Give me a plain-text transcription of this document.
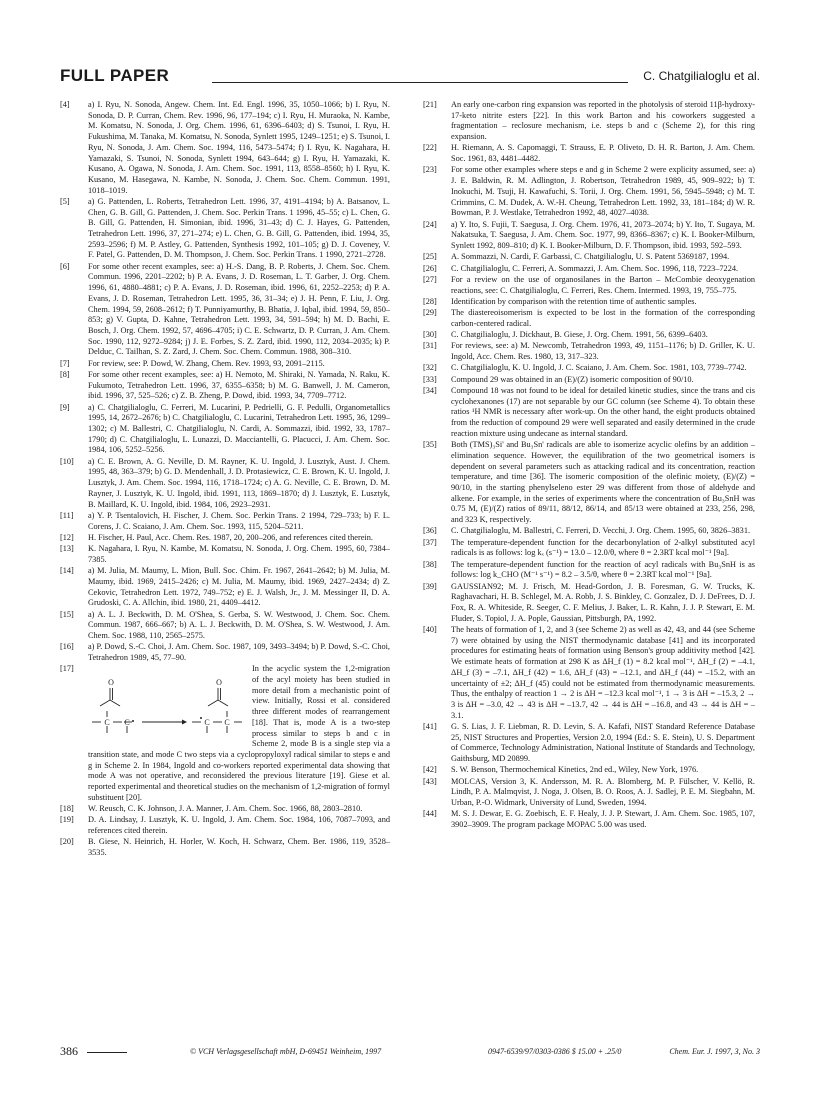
FULL PAPER	C. Chatgilialoglu et al.
[4]	a) I. Ryu, N. Sonoda, Angew. Chem. Int. Ed. Engl. 1996, 35, 1050–1066; b) I. Ryu, N. Sonoda, D. P. Curran, Chem. Rev. 1996, 96, 177–194; c) I. Ryu, H. Muraoka, N. Kambe, M. Komatsu, N. Sonoda, J. Org. Chem. 1996, 61, 6396–6403; d) S. Tsunoi, I. Ryu, H. Fukushima, M. Tanaka, M. Komatsu, N. Sonoda, Synlett 1995, 1249–1251; e) S. Tsunoi, I. Ryu, N. Sonoda, J. Am. Chem. Soc. 1994, 116, 5473–5474; f) I. Ryu, K. Nagahara, H. Yamazaki, S. Tsunoi, N. Sonoda, Synlett 1994, 643–644; g) I. Ryu, H. Yamazaki, K. Kusano, A. Ogawa, N. Sonoda, J. Am. Chem. Soc. 1991, 113, 8558–8560; h) I. Ryu, K. Kusano, M. Hasegawa, N. Kambe, N. Sonoda, J. Chem. Soc. Chem. Commun. 1991, 1018–1019.
[5]	a) G. Pattenden, L. Roberts, Tetrahedron Lett. 1996, 37, 4191–4194; b) A. Batsanov, L. Chen, G. B. Gill, G. Pattenden, J. Chem. Soc. Perkin Trans. 1 1996, 45–55; c) L. Chen, G. B. Gill, G. Pattenden, H. Simonian, ibid. 1996, 31–43; d) C. J. Hayes, G. Pattenden, Tetrahedron Lett. 1996, 37, 271–274; e) L. Chen, G. B. Gill, G. Pattenden, ibid. 1994, 35, 2593–2596; f) M. P. Astley, G. Pattenden, Synthesis 1992, 101–105; g) D. J. Coveney, V. F. Patel, G. Pattenden, D. M. Thompson, J. Chem. Soc. Perkin Trans. 1 1990, 2721–2728.
[6]	For some other recent examples, see: a) H.-S. Dang, B. P. Roberts, J. Chem. Soc. Chem. Commun. 1996, 2201–2202; b) P. A. Evans, J. D. Roseman, L. T. Garber, J. Org. Chem. 1996, 61, 4880–4881; c) P. A. Evans, J. D. Roseman, ibid. 1996, 61, 2252–2253; d) P. A. Evans, J. D. Roseman, Tetrahedron Lett. 1995, 36, 31–34; e) J. H. Penn, F. Liu, J. Org. Chem. 1994, 59, 2608–2612; f) T. Punniyamurthy, B. Bhatia, J. Iqbal, ibid. 1994, 59, 850–853; g) V. Gupta, D. Kahne, Tetrahedron Lett. 1993, 34, 591–594; h) M. D. Bachi, E. Bosch, J. Org. Chem. 1992, 57, 4696–4705; i) C. E. Schwartz, D. P. Curran, J. Am. Chem. Soc. 1990, 112, 9272–9284; j) J. E. Forbes, S. Z. Zard, ibid. 1990, 112, 2034–2035; k) P. Delduc, C. Tailhan, S. Z. Zard, J. Chem. Soc. Chem. Commun. 1988, 308–310.
[7]	For review, see: P. Dowd, W. Zhang, Chem. Rev. 1993, 93, 2091–2115.
[8]	For some other recent examples, see: a) H. Nemoto, M. Shiraki, N. Yamada, N. Raku, K. Fukumoto, Tetrahedron Lett. 1996, 37, 6355–6358; b) M. G. Banwell, J. M. Cameron, ibid. 1996, 37, 525–526; c) Z. B. Zheng, P. Dowd, ibid. 1993, 34, 7709–7712.
[9]	a) C. Chatgilialoglu, C. Ferreri, M. Lucarini, P. Pedrielli, G. F. Pedulli, Organometallics 1995, 14, 2672–2676; b) C. Chatgilialoglu, C. Lucarini, Tetrahedron Lett. 1995, 36, 1299–1302; c) M. Ballestri, C. Chatgilialoglu, N. Cardi, A. Sommazzi, ibid. 1992, 33, 1787–1790; d) C. Chatgilialoglu, L. Lunazzi, D. Macciantelli, G. Placucci, J. Am. Chem. Soc. 1984, 106, 5252–5256.
[10]	a) C. E. Brown, A. G. Neville, D. M. Rayner, K. U. Ingold, J. Lusztyk, Aust. J. Chem. 1995, 48, 363–379; b) G. D. Mendenhall, J. D. Protasiewicz, C. E. Brown, K. U. Ingold, J. Lusztyk, J. Am. Chem. Soc. 1994, 116, 1718–1724; c) A. G. Neville, C. E. Brown, D. M. Rayner, J. Lusztyk, K. U. Ingold, ibid. 1991, 113, 1869–1870; d) J. Lusztyk, E. Lusztyk, B. Maillard, K. U. Ingold, ibid. 1984, 106, 2923–2931.
[11]	a) Y. P. Tsentalovich, H. Fischer, J. Chem. Soc. Perkin Trans. 2 1994, 729–733; b) F. L. Corens, J. C. Scaiano, J. Am. Chem. Soc. 1993, 115, 5204–5211.
[12]	H. Fischer, H. Paul, Acc. Chem. Res. 1987, 20, 200–206, and references cited therein.
[13]	K. Nagahara, I. Ryu, N. Kambe, M. Komatsu, N. Sonoda, J. Org. Chem. 1995, 60, 7384–7385.
[14]	a) M. Julia, M. Maumy, L. Mion, Bull. Soc. Chim. Fr. 1967, 2641–2642; b) M. Julia, M. Maumy, ibid. 1969, 2415–2426; c) M. Julia, M. Maumy, ibid. 1969, 2427–2434; d) Z. Cekovic, Tetrahedron Lett. 1972, 749–752; e) E. J. Walsh, Jr., J. M. Messinger II, D. A. Grudoski, C. A. Allchin, ibid. 1980, 21, 4409–4412.
[15]	a) A. L. J. Beckwith, D. M. O'Shea, S. Gerba, S. W. Westwood, J. Chem. Soc. Chem. Commun. 1987, 666–667; b) A. L. J. Beckwith, D. M. O'Shea, S. W. Westwood, J. Am. Chem. Soc. 1988, 110, 2565–2575.
[16]	a) P. Dowd, S.-C. Choi, J. Am. Chem. Soc. 1987, 109, 3493–3494; b) P. Dowd, S.-C. Choi, Tetrahedron 1989, 45, 77–90.
[17]
O
C C
O
C C
In the acyclic system the 1,2-migration of the acyl moiety has been studied in more detail from a mechanistic point of view. Initially, Rossi et al. considered three different modes of rearrangement [18]. That is, mode A is a two-step process similar to steps b and c in Scheme 2, mode B is a single step via a transition state, and mode C two steps via a cyclopropyloxyl radical similar to steps e and g in Scheme 2. In 1984, Ingold and co-workers reported experimental data showing that mode A was not operative, and reconsidered the previous literature [19]. Giese et al. reported experimental and theoretical studies on the mechanism of 1,2-migration of formyl substituent [20].
[18]	W. Reusch, C. K. Johnson, J. A. Manner, J. Am. Chem. Soc. 1966, 88, 2803–2810.
[19]	D. A. Lindsay, J. Lusztyk, K. U. Ingold, J. Am. Chem. Soc. 1984, 106, 7087–7093, and references cited therein.
[20]	B. Giese, N. Heinrich, H. Horler, W. Koch, H. Schwarz, Chem. Ber. 1986, 119, 3528–3535.
[21]	An early one-carbon ring expansion was reported in the photolysis of steroid 11β-hydroxy-17-keto nitrite esters [22]. In this work Barton and his coworkers suggested a fragmentation – reclosure mechanism, i.e. steps b and c (Scheme 2), for this ring expansion.
[22]	H. Riemann, A. S. Capomaggi, T. Strauss, E. P. Oliveto, D. H. R. Barton, J. Am. Chem. Soc. 1961, 83, 4481–4482.
[23]	For some other examples where steps e and g in Scheme 2 were explicity assumed, see: a) J. E. Baldwin, R. M. Adlington, J. Robertson, Tetrahedron 1989, 45, 909–922; b) T. Inokuchi, M. Tsuji, H. Kawafuchi, S. Torii, J. Org. Chem. 1991, 56, 5945–5948; c) M. T. Crimmins, C. M. Dudek, A. W.-H. Cheung, Tetrahedron Lett. 1992, 33, 181–184; d) W. R. Bowman, P. J. Westlake, Tetrahedron 1992, 48, 4027–4038.
[24]	a) Y. Ito, S. Fujii, T. Saegusa, J. Org. Chem. 1976, 41, 2073–2074; b) Y. Ito, T. Sugaya, M. Nakatsuka, T. Saegusa, J. Am. Chem. Soc. 1977, 99, 8366–8367; c) K. I. Booker-Milburn, Synlett 1992, 809–810; d) K. I. Booker-Milburn, D. F. Thompson, ibid. 1993, 592–593.
[25]	A. Sommazzi, N. Cardi, F. Garbassi, C. Chatgilialoglu, U. S. Patent 5369187, 1994.
[26]	C. Chatgilialoglu, C. Ferreri, A. Sommazzi, J. Am. Chem. Soc. 1996, 118, 7223–7224.
[27]	For a review on the use of organosilanes in the Barton – McCombie deoxygenation reactions, see: C. Chatgilialoglu, C. Ferreri, Res. Chem. Intermed. 1993, 19, 755–775.
[28]	Identification by comparison with the retention time of authentic samples.
[29]	The diastereoisomerism is expected to be lost in the formation of the corresponding carbon-centered radical.
[30]	C. Chatgilialoglu, J. Dickhaut, B. Giese, J. Org. Chem. 1991, 56, 6399–6403.
[31]	For reviews, see: a) M. Newcomb, Tetrahedron 1993, 49, 1151–1176; b) D. Griller, K. U. Ingold, Acc. Chem. Res. 1980, 13, 317–323.
[32]	C. Chatgilialoglu, K. U. Ingold, J. C. Scaiano, J. Am. Chem. Soc. 1981, 103, 7739–7742.
[33]	Compound 29 was obtained in an (E)/(Z) isomeric composition of 90/10.
[34]	Compound 18 was not found to be ideal for detailed kinetic studies, since the trans and cis cyclohexanones (17) are not separable by our GC column (see Scheme 4). To obtain these ratios ¹H NMR is necessary after work-up. On the other hand, the eight products obtained from the reduction of compound 29 were well separated and easily determined in the crude reaction mixture using undecane as internal standard.
[35]	Both (TMS)₃Si' and Bu₃Sn' radicals are able to isomerize acyclic olefins by an addition – elimination sequence. However, the equilibration of the two geometrical isomers is dependent on several parameters such as attacking radical and its concentration, reaction temperature, and time [36]. The isomeric composition of the olefinic moiety, (E)/(Z) = 90/10, in the starting phenylseleno ester 29 was different from those of aldehyde and alkene. For example, in the series of experiments where the concentration of Bu₃SnH was 0.75 M, (E)/(Z) ratios of 89/11, 88/12, 86/14, and 85/13 were obtained at 233, 256, 298, and 323 K, respectively.
[36]	C. Chatgilialoglu, M. Ballestri, C. Ferreri, D. Vecchi, J. Org. Chem. 1995, 60, 3826–3831.
[37]	The temperature-dependent function for the decarbonylation of 2-alkyl substituted acyl radicals is as follows: log kₓ (s⁻¹) = 13.0 – 12.0/θ, where θ = 2.3RT kcal mol⁻¹ [9a].
[38]	The temperature-dependent function for the reaction of acyl radicals with Bu₃SnH is as follows: log k_CHO (M⁻¹ s⁻¹) = 8.2 – 3.5/θ, where θ = 2.3RT kcal mol⁻¹ [9a].
[39]	GAUSSIAN92; M. J. Frisch, M. Head-Gordon, J. B. Foresman, G. W. Trucks, K. Raghavachari, H. B. Schlegel, M. A. Robb, J. S. Binkley, C. Gonzalez, D. J. DeFrees, D. J. Fox, R. A. Whiteside, R. Seeger, C. F. Melius, J. Baker, L. R. Kahn, J. J. P. Stewart, E. M. Fluder, S. Topiol, J. A. Pople, Gaussian, Pittsburgh, PA, 1992.
[40]	The heats of formation of 1, 2, and 3 (see Scheme 2) as well as 42, 43, and 44 (see Scheme 7) were obtained by using the NIST thermodynamic database [41] and its incorporated procedures for estimating heats of formation using Benson's group additivity method [42]. We estimate heats of formation at 298 K as ΔH_f (1) = 8.2 kcal mol⁻¹, ΔH_f (2) = –4.1, ΔH_f (3) = –7.1, ΔH_f (42) = 1.6, ΔH_f (43) = –12.1, and ΔH_f (44) = –15.2, with an uncertainty of ±2; ΔH_f (45) could not be estimated from thermodynamic measurements. Thus, the enthalpy of reaction 1 → 2 is ΔH = –12.3 kcal mol⁻¹, 1 → 3 is ΔH = –15.3, 2 → 3 is ΔH = –3.0, 42 → 43 is ΔH = –13.7, 42 → 44 is ΔH = –16.8, and 43 → 44 is ΔH = –3.1.
[41]	G. S. Lias, J. F. Liebman, R. D. Levin, S. A. Kafafi, NIST Standard Reference Database 25, NIST Structures and Properties, Version 2.0, 1994 (Ed.: S. E. Stein), U. S. Department of Commerce, Technology Administration, National Institute of Standards and Technology, Gaithsburg, MD 20899.
[42]	S. W. Benson, Thermochemical Kinetics, 2nd ed., Wiley, New York, 1976.
[43]	MOLCAS, Version 3, K. Andersson, M. R. A. Blomberg, M. P. Fülscher, V. Kellö, R. Lindh, P. A. Malmqvist, J. Noga, J. Olsen, B. O. Roos, A. J. Sadlej, P. E. M. Siegbahn, M. Urban, P.-O. Widmark, University of Lund, Sweden, 1994.
[44]	M. S. J. Dewar, E. G. Zoebisch, E. F. Healy, J. J. P. Stewart, J. Am. Chem. Soc. 1985, 107, 3902–3909. The program package MOPAC 5.00 was used.
386	© VCH Verlagsgesellschaft mbH, D-69451 Weinheim, 1997	0947-6539/97/0303-0386 $ 15.00 + .25/0	Chem. Eur. J. 1997, 3, No. 3
